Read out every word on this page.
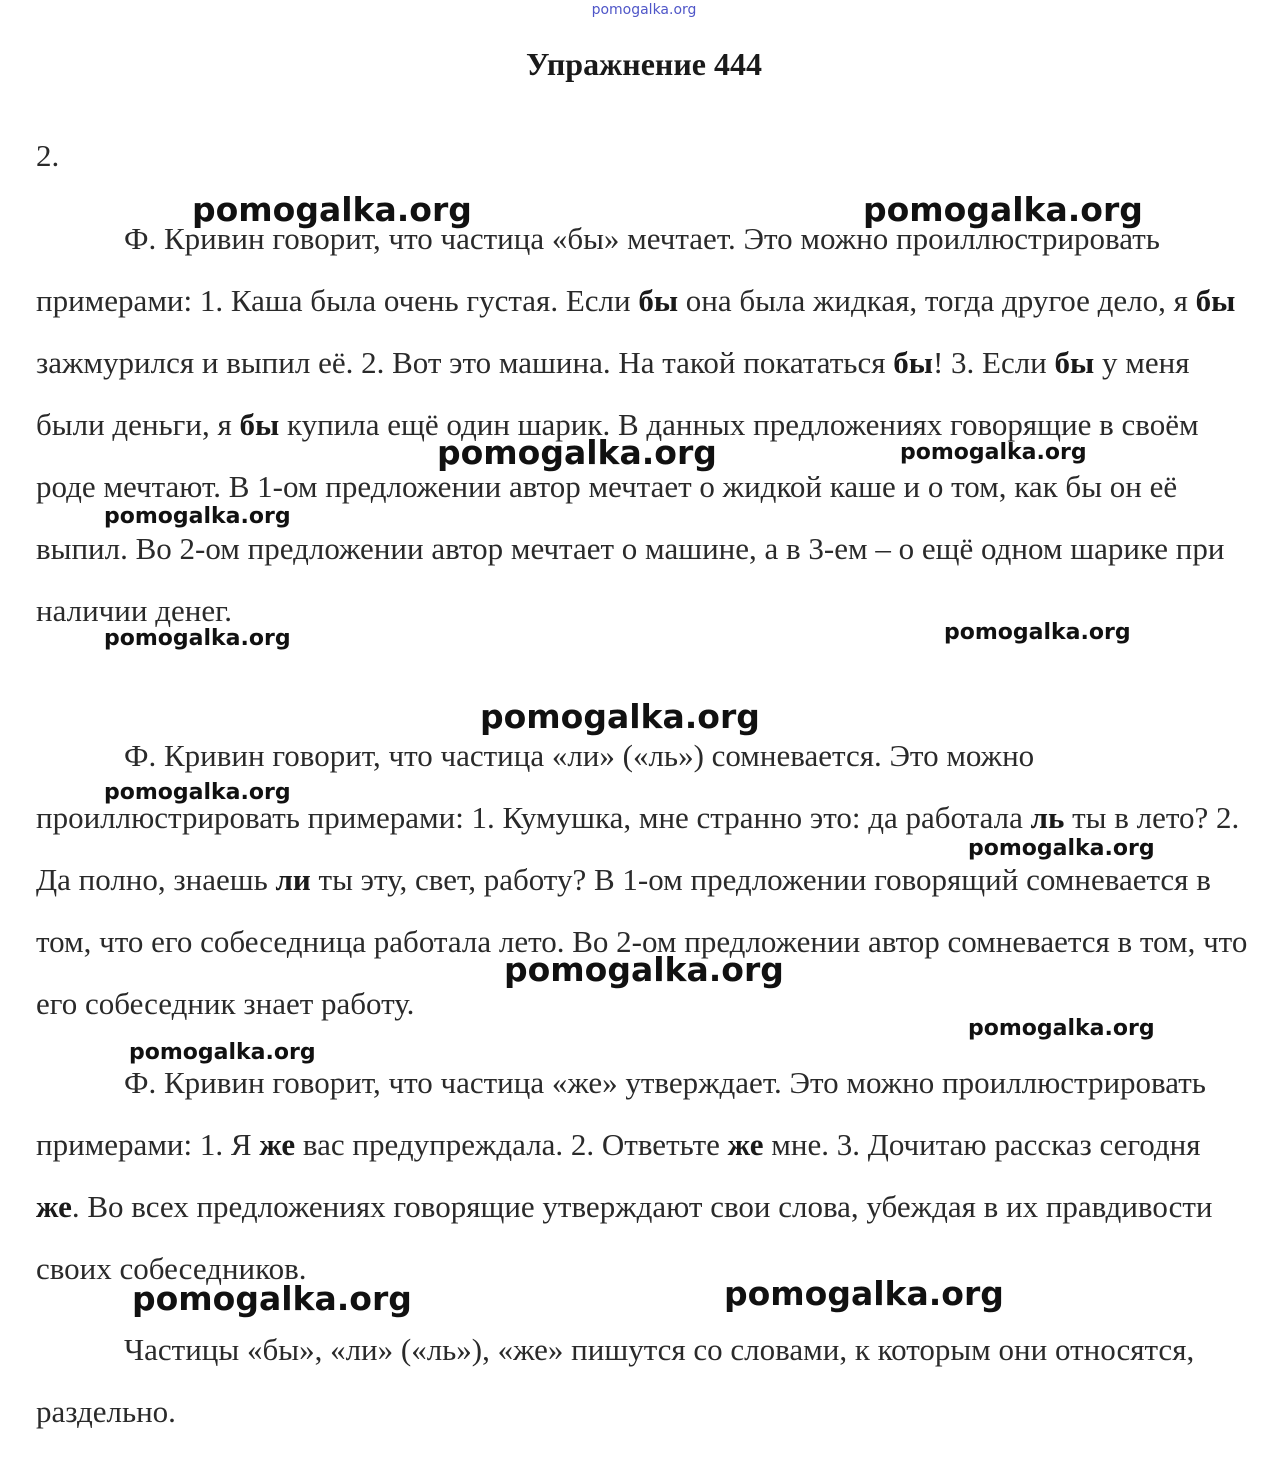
pomogalka.org
Упражнение 444
2.

Ф. Кривин говорит, что частица «бы» мечтает. Это можно проиллюстрировать примерами: 1. Каша была очень густая. Если бы она была жидкая, тогда другое дело, я бы зажмурился и выпил её. 2. Вот это машина. На такой покататься бы! 3. Если бы у меня были деньги, я бы купила ещё один шарик. В данных предложениях говорящие в своём роде мечтают. В 1-ом предложении автор мечтает о жидкой каше и о том, как бы он её выпил. Во 2-ом предложении автор мечтает о машине, а в 3-ем – о ещё одном шарике при наличии денег.

Ф. Кривин говорит, что частица «ли» («ль») сомневается. Это можно проиллюстрировать примерами: 1. Кумушка, мне странно это: да работала ль ты в лето? 2. Да полно, знаешь ли ты эту, свет, работу? В 1-ом предложении говорящий сомневается в том, что его собеседница работала лето. Во 2-ом предложении автор сомневается в том, что его собеседник знает работу.

Ф. Кривин говорит, что частица «же» утверждает. Это можно проиллюстрировать примерами: 1. Я же вас предупреждала. 2. Ответьте же мне. 3. Дочитаю рассказ сегодня же. Во всех предложениях говорящие утверждают свои слова, убеждая в их правдивости своих собеседников.

Частицы «бы», «ли» («ль»), «же» пишутся со словами, к которым они относятся, раздельно.

pomogalka.org	pomogalka.org
pomogalka.org	pomogalka.org
pomogalka.org
pomogalka.org	pomogalka.org
pomogalka.org
pomogalka.org
pomogalka.org
pomogalka.org
pomogalka.org
pomogalka.org
pomogalka.org	pomogalka.org
